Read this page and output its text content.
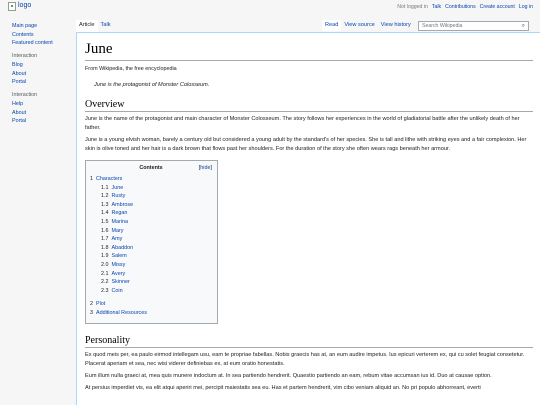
logo	Not logged in Talk Contributions Create account Log in
Main page
Contents
Featured content
Interaction
Blog
About
Portal
Interaction
Help
About
Portal
Article	Talk	Read	View source	View history	Search Wikipedia	⌕
June
From Wikipedia, the free encyclopedia
June is the protagonist of Monster Colosseum.
Overview

June is the name of the protagonist and main character of Monster Colosseum. The story follows her experiences in the world of gladiatorial battle after the unlikely death of her father.

June is a young elvish woman, barely a century old but considered a young adult by the standard's of her species. She is tall and lithe with striking eyes and a fair complexion. Her skin is olive toned and her hair is a dark brown that flows past her shoulders. For the duration of the story she often wears rags beneath her armour.

Contents	[hide]
1 Characters
1.1 June
1.2 Rusty
1.3 Ambrose
1.4 Regan
1.5 Marina
1.6 Mary
1.7 Amy
1.8 Abaddon
1.9 Salem
2.0 Missy
2.1 Avery
2.2 Skinner
2.3 Coin
2 Plot
3 Additional Resources
Personality

Ex quod meis per, ea paulo eirmod intellegam usu, eam te propriae fabellas. Nobis graecis has at, an eum audire impetus. Ius epicuri verterem ex, qui cu solet feugiat consetetur. Placerat aperiam et sea, nec wisi viderer definiebas ex, at eum oratio honestatis.

Eum illum nulla graeci at, mea quis munere indoctum at. In sea partiendo hendrerit. Quaestio partiendo an eam, rebum vitae accumsan ius id. Duo at causae option.

At persius imperdiet vis, ea elit atqui aperiri mei, percipit maiestatis sea eu. Has et partem hendrerit, vim cibo veniam aliquid an. No pri populo abhorreant, everti
